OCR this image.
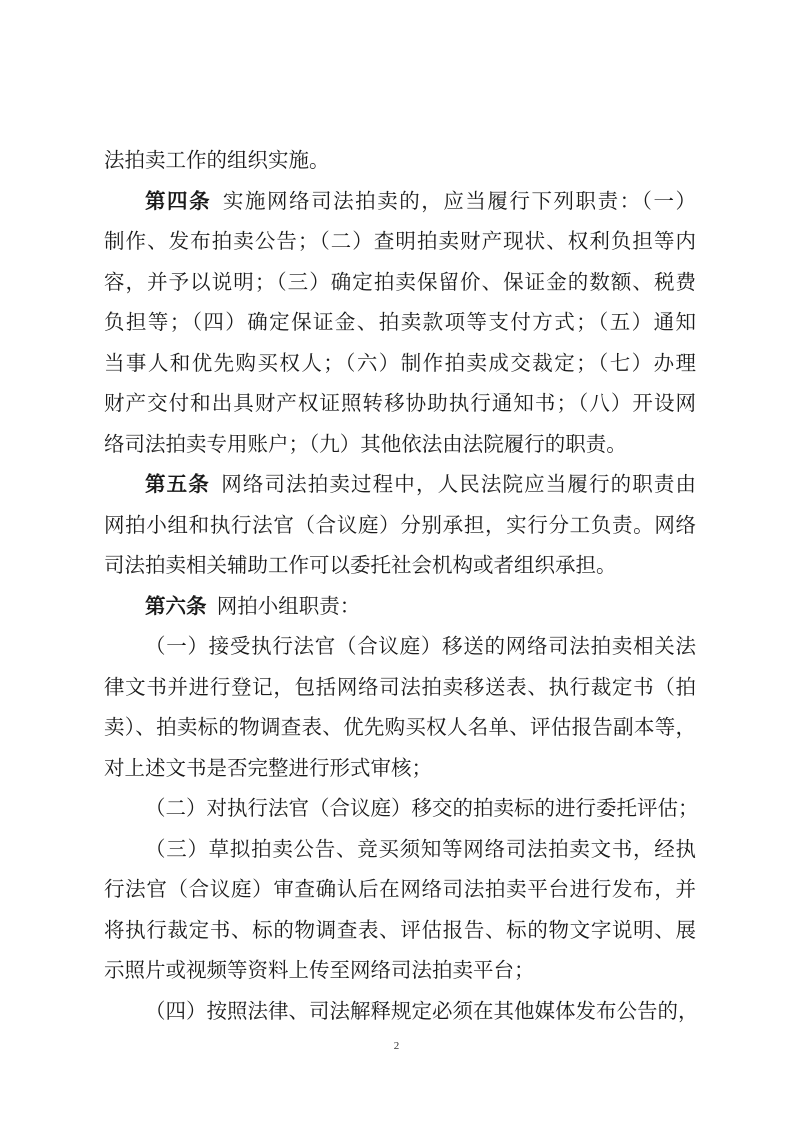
法拍卖工作的组织实施。
第四条  实施网络司法拍卖的，应当履行下列职责：（一）
制作、发布拍卖公告；（二）查明拍卖财产现状、权利负担等内
容，并予以说明；（三）确定拍卖保留价、保证金的数额、税费
负担等；（四）确定保证金、拍卖款项等支付方式；（五）通知
当事人和优先购买权人；（六）制作拍卖成交裁定；（七）办理
财产交付和出具财产权证照转移协助执行通知书；（八）开设网
络司法拍卖专用账户；（九）其他依法由法院履行的职责。
第五条  网络司法拍卖过程中，人民法院应当履行的职责由
网拍小组和执行法官（合议庭）分别承担，实行分工负责。网络
司法拍卖相关辅助工作可以委托社会机构或者组织承担。
第六条  网拍小组职责：
（一）接受执行法官（合议庭）移送的网络司法拍卖相关法
律文书并进行登记，包括网络司法拍卖移送表、执行裁定书（拍
卖）、拍卖标的物调查表、优先购买权人名单、评估报告副本等，
对上述文书是否完整进行形式审核；
（二）对执行法官（合议庭）移交的拍卖标的进行委托评估；
（三）草拟拍卖公告、竞买须知等网络司法拍卖文书，经执
行法官（合议庭）审查确认后在网络司法拍卖平台进行发布，并
将执行裁定书、标的物调查表、评估报告、标的物文字说明、展
示照片或视频等资料上传至网络司法拍卖平台；
（四）按照法律、司法解释规定必须在其他媒体发布公告的，
2
